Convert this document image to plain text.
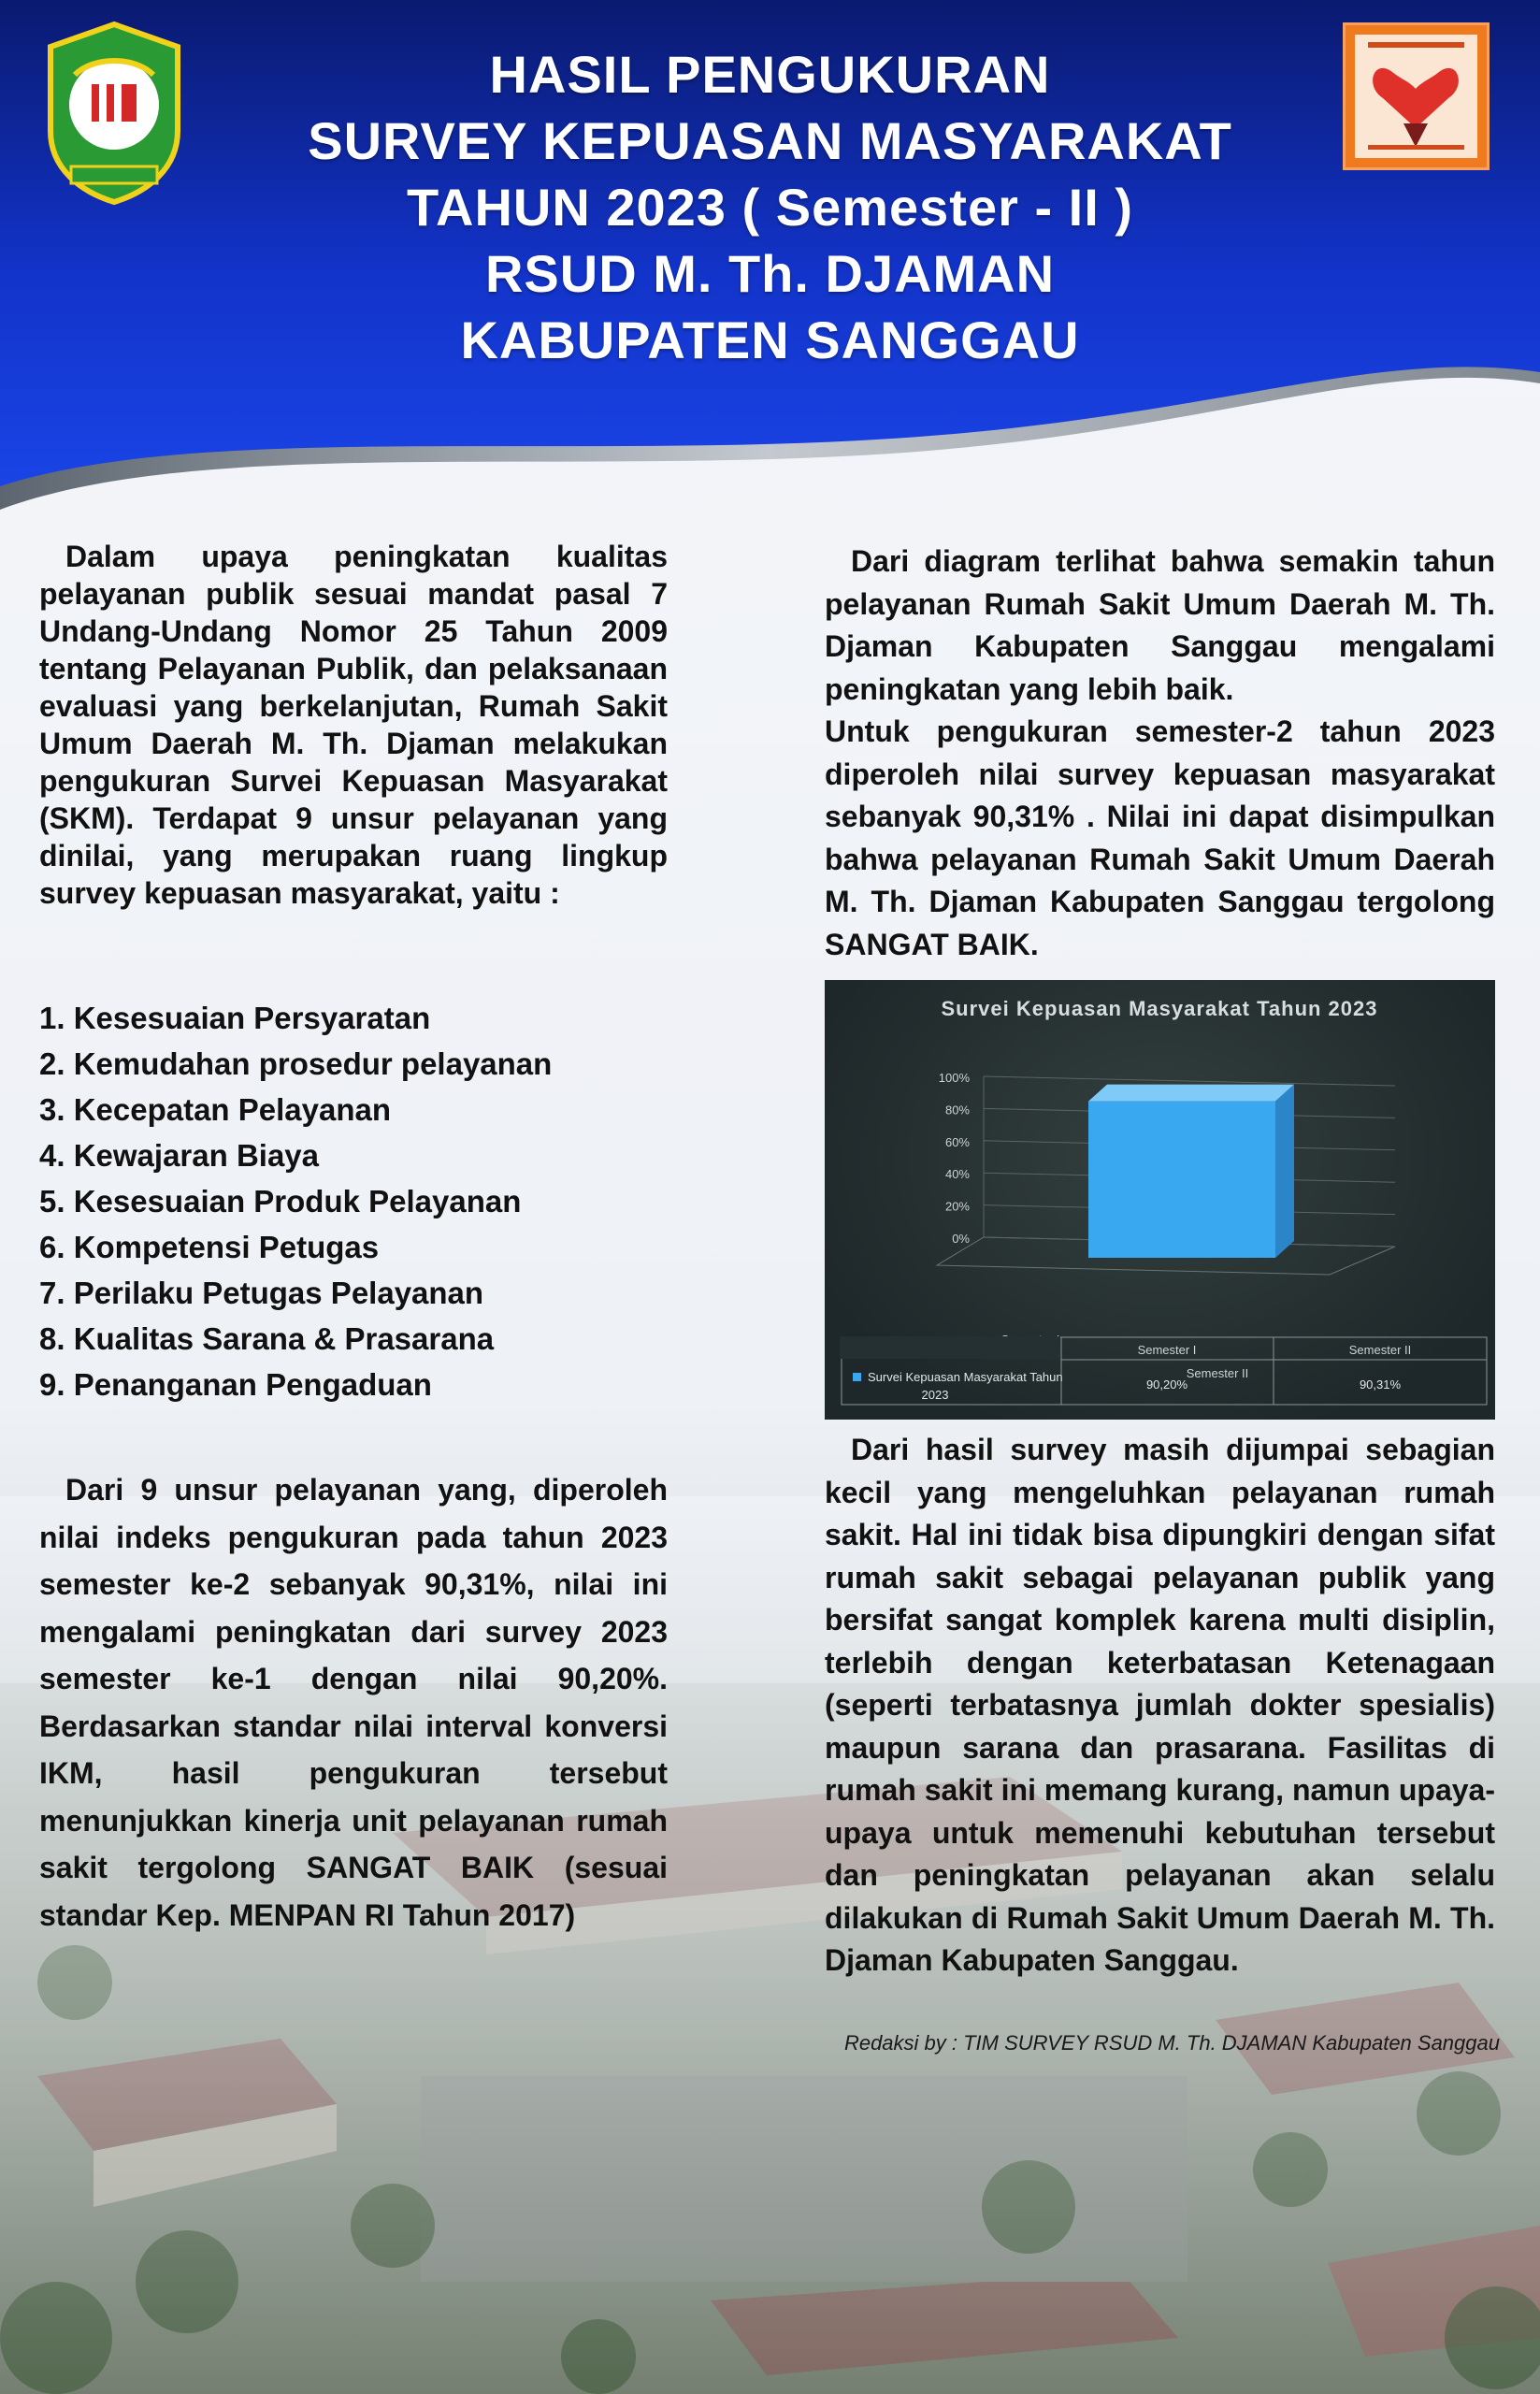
HASIL PENGUKURAN
SURVEY KEPUASAN MASYARAKAT
TAHUN 2023 ( Semester - II )
RSUD M. Th. DJAMAN
KABUPATEN SANGGAU

Dalam upaya peningkatan kualitas pelayanan publik sesuai mandat pasal 7 Undang-Undang Nomor 25 Tahun 2009 tentang Pelayanan Publik, dan pelaksanaan evaluasi yang berkelanjutan, Rumah Sakit Umum Daerah M. Th. Djaman melakukan pengukuran Survei Kepuasan Masyarakat (SKM). Terdapat 9 unsur pelayanan yang dinilai, yang merupakan ruang lingkup survey kepuasan masyarakat, yaitu :

1. Kesesuaian Persyaratan
2. Kemudahan prosedur pelayanan
3. Kecepatan Pelayanan
4. Kewajaran Biaya
5. Kesesuaian Produk Pelayanan
6. Kompetensi Petugas
7. Perilaku Petugas Pelayanan
8. Kualitas Sarana & Prasarana
9. Penanganan Pengaduan

Dari 9 unsur pelayanan yang, diperoleh nilai indeks pengukuran pada tahun 2023 semester ke-2 sebanyak 90,31%, nilai ini mengalami peningkatan dari survey 2023 semester ke-1 dengan nilai 90,20%. Berdasarkan standar nilai interval konversi IKM, hasil pengukuran tersebut menunjukkan kinerja unit pelayanan rumah sakit tergolong SANGAT BAIK (sesuai standar Kep. MENPAN RI Tahun 2017)

Dari diagram terlihat bahwa semakin tahun pelayanan Rumah Sakit Umum Daerah M. Th. Djaman Kabupaten Sanggau mengalami peningkatan yang lebih baik.

Untuk pengukuran semester-2 tahun 2023 diperoleh nilai survey kepuasan masyarakat sebanyak 90,31% . Nilai ini dapat disimpulkan bahwa pelayanan Rumah Sakit Umum Daerah M. Th. Djaman Kabupaten Sanggau tergolong SANGAT BAIK.

Survei Kepuasan Masyarakat Tahun 2023
0%
20%
40%
60%
80%
100%
Semester II
Semester I
90,20%
Semester II
90,31%
Survei Kepuasan Masyarakat Tahun
2023

Dari hasil survey masih dijumpai sebagian kecil yang mengeluhkan pelayanan rumah sakit. Hal ini tidak bisa dipungkiri dengan sifat rumah sakit sebagai pelayanan publik yang bersifat sangat komplek karena multi disiplin, terlebih dengan keterbatasan Ketenagaan (seperti terbatasnya jumlah dokter spesialis) maupun sarana dan prasarana. Fasilitas di rumah sakit ini memang kurang, namun upaya-upaya untuk memenuhi kebutuhan tersebut dan peningkatan pelayanan akan selalu dilakukan di Rumah Sakit Umum Daerah M. Th. Djaman Kabupaten Sanggau.

Redaksi by : TIM SURVEY RSUD M. Th. DJAMAN Kabupaten Sanggau
